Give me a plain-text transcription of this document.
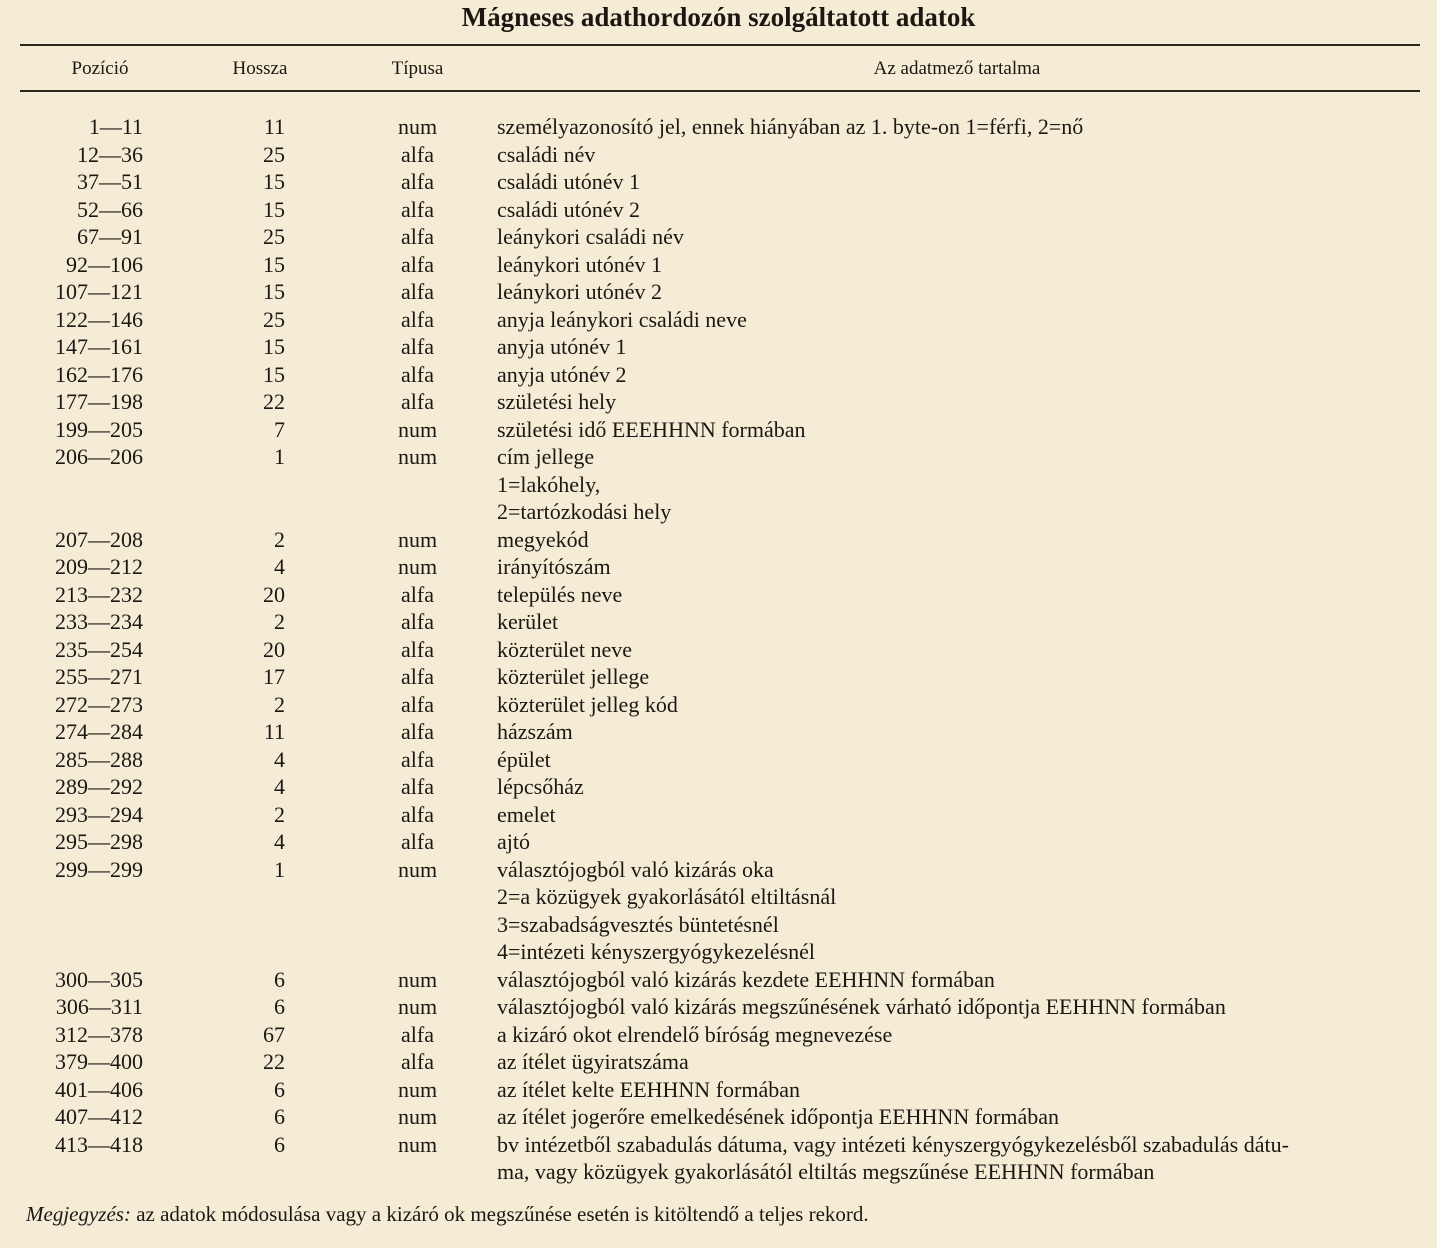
Mágneses adathordozón szolgáltatott adatok
Pozíció	Hossza	Típusa	Az adatmező tartalma
1—11	11	num	személyazonosító jel, ennek hiányában az 1. byte-on 1=férfi, 2=nő
12—36	25	alfa	családi név
37—51	15	alfa	családi utónév 1
52—66	15	alfa	családi utónév 2
67—91	25	alfa	leánykori családi név
92—106	15	alfa	leánykori utónév 1
107—121	15	alfa	leánykori utónév 2
122—146	25	alfa	anyja leánykori családi neve
147—161	15	alfa	anyja utónév 1
162—176	15	alfa	anyja utónév 2
177—198	22	alfa	születési hely
199—205	7	num	születési idő EEEHHNN formában
206—206	1	num	cím jellege
1=lakóhely,
2=tartózkodási hely
207—208	2	num	megyekód
209—212	4	num	irányítószám
213—232	20	alfa	település neve
233—234	2	alfa	kerület
235—254	20	alfa	közterület neve
255—271	17	alfa	közterület jellege
272—273	2	alfa	közterület jelleg kód
274—284	11	alfa	házszám
285—288	4	alfa	épület
289—292	4	alfa	lépcsőház
293—294	2	alfa	emelet
295—298	4	alfa	ajtó
299—299	1	num	választójogból való kizárás oka
2=a közügyek gyakorlásától eltiltásnál
3=szabadságvesztés büntetésnél
4=intézeti kényszergyógykezelésnél
300—305	6	num	választójogból való kizárás kezdete EEHHNN formában
306—311	6	num	választójogból való kizárás megszűnésének várható időpontja EEHHNN formában
312—378	67	alfa	a kizáró okot elrendelő bíróság megnevezése
379—400	22	alfa	az ítélet ügyiratszáma
401—406	6	num	az ítélet kelte EEHHNN formában
407—412	6	num	az ítélet jogerőre emelkedésének időpontja EEHHNN formában
413—418	6	num	bv intézetből szabadulás dátuma, vagy intézeti kényszergyógykezelésből szabadulás dátu-
ma, vagy közügyek gyakorlásától eltiltás megszűnése EEHHNN formában
Megjegyzés: az adatok módosulása vagy a kizáró ok megszűnése esetén is kitöltendő a teljes rekord.
